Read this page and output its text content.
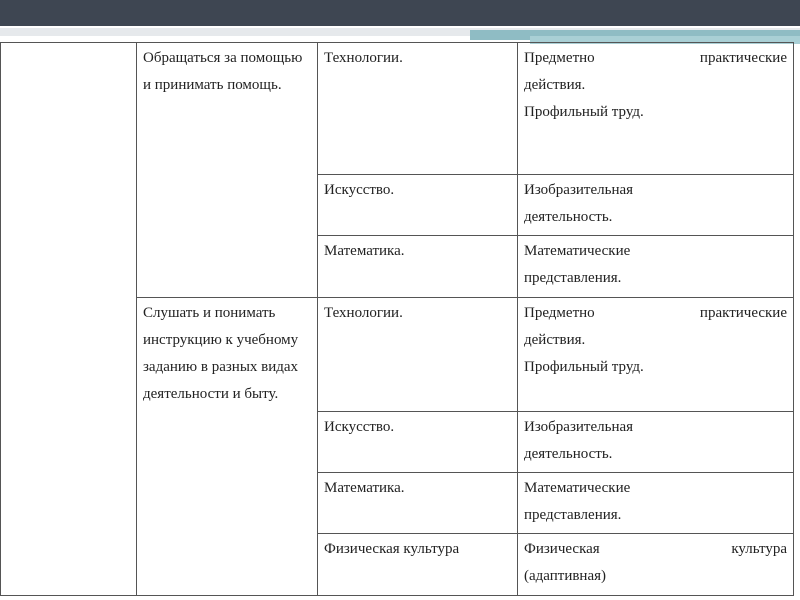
	Обращаться за помощью и принимать помощь.	Технологии.	Предметно практические
действия.
Профильный труд.

		Искусство.	Изобразительная
деятельность.

		Математика.	Математические
представления.

	Слушать и понимать инструкцию к учебному заданию в разных видах деятельности и быту.	Технологии.	Предметно практические
действия.
Профильный труд.

		Искусство.	Изобразительная
деятельность.

		Математика.	Математические
представления.

		Физическая культура	Физическая культура
(адаптивная)
